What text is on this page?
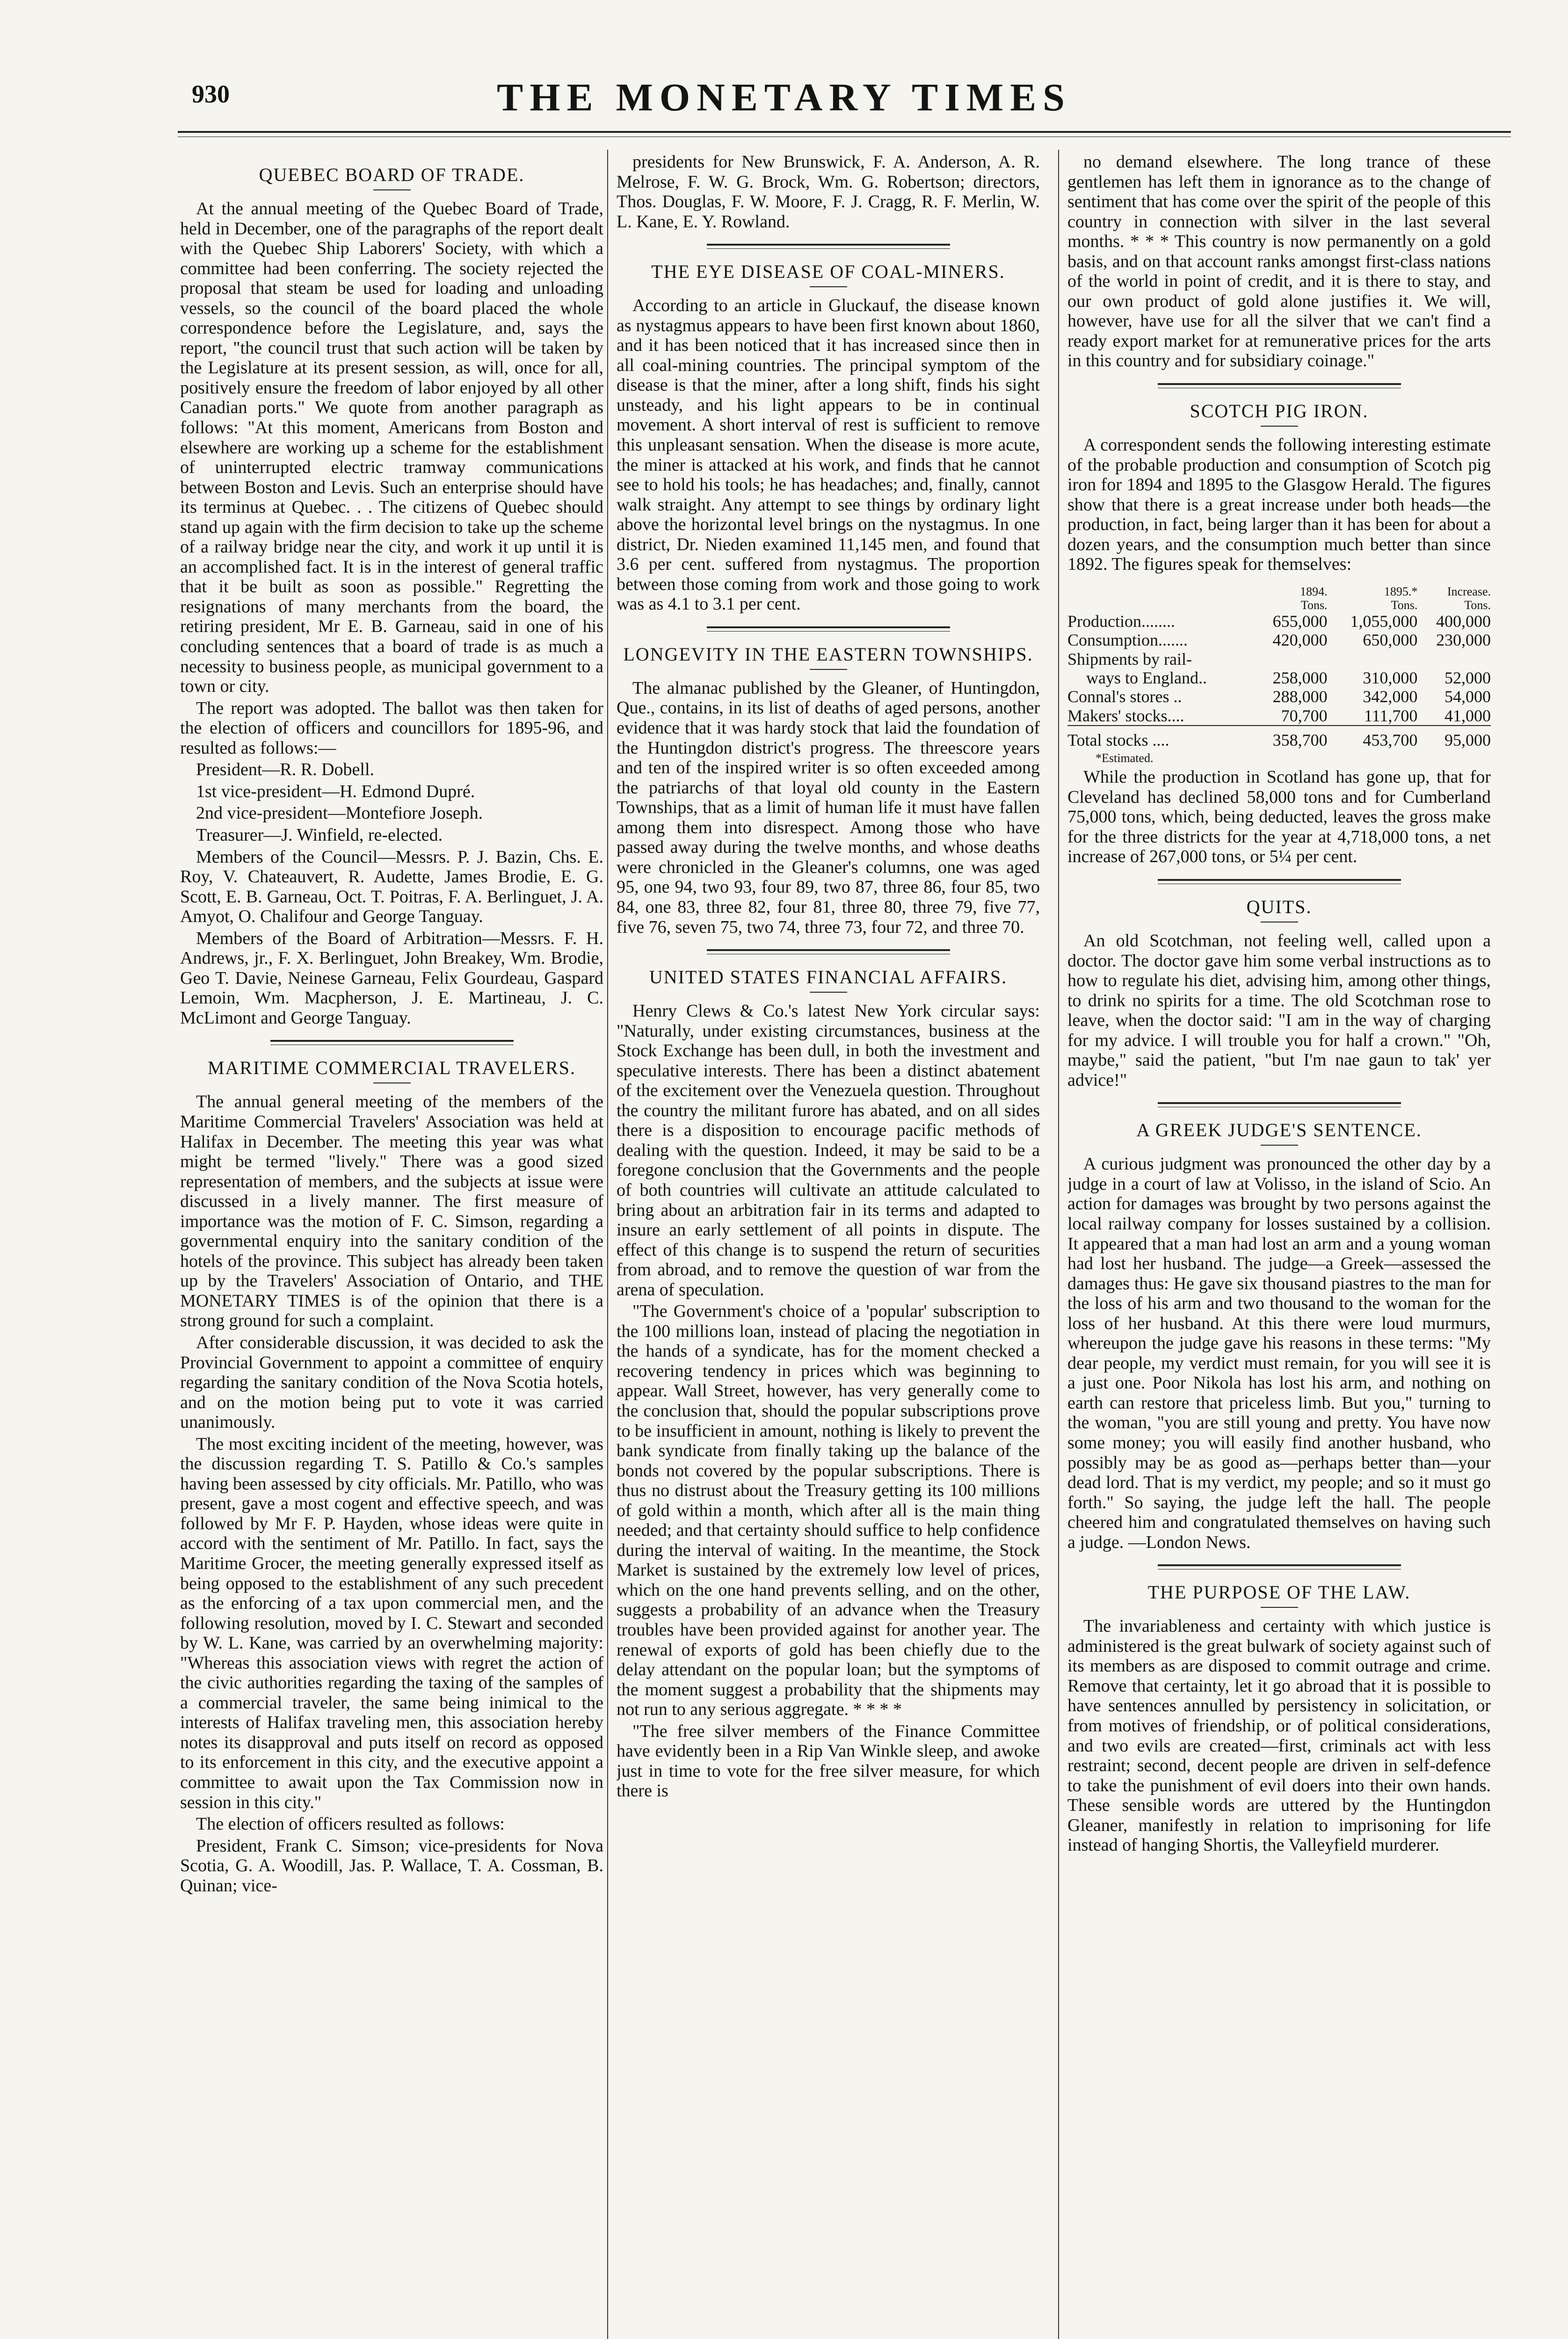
930	THE MONETARY TIMES
QUEBEC BOARD OF TRADE.

At the annual meeting of the Quebec Board of Trade, held in December, one of the paragraphs of the report dealt with the Quebec Ship Laborers' Society, with which a committee had been conferring. The society rejected the proposal that steam be used for loading and unloading vessels, so the council of the board placed the whole correspondence before the Legislature, and, says the report, "the council trust that such action will be taken by the Legislature at its present session, as will, once for all, positively ensure the freedom of labor enjoyed by all other Canadian ports." We quote from another paragraph as follows: "At this moment, Americans from Boston and elsewhere are working up a scheme for the establishment of uninterrupted electric tramway communications between Boston and Levis. Such an enterprise should have its terminus at Quebec. . . The citizens of Quebec should stand up again with the firm decision to take up the scheme of a railway bridge near the city, and work it up until it is an accomplished fact. It is in the interest of general traffic that it be built as soon as possible." Regretting the resignations of many merchants from the board, the retiring president, Mr E. B. Garneau, said in one of his concluding sentences that a board of trade is as much a necessity to business people, as municipal government to a town or city.

The report was adopted. The ballot was then taken for the election of officers and councillors for 1895-96, and resulted as follows:—

President—R. R. Dobell.

1st vice-president—H. Edmond Dupré.

2nd vice-president—Montefiore Joseph.

Treasurer—J. Winfield, re-elected.

Members of the Council—Messrs. P. J. Bazin, Chs. E. Roy, V. Chateauvert, R. Audette, James Brodie, E. G. Scott, E. B. Garneau, Oct. T. Poitras, F. A. Berlinguet, J. A. Amyot, O. Chalifour and George Tanguay.

Members of the Board of Arbitration—Messrs. F. H. Andrews, jr., F. X. Berlinguet, John Breakey, Wm. Brodie, Geo T. Davie, Neinese Garneau, Felix Gourdeau, Gaspard Lemoin, Wm. Macpherson, J. E. Martineau, J. C. McLimont and George Tanguay.

MARITIME COMMERCIAL TRAVELERS.

The annual general meeting of the members of the Maritime Commercial Travelers' Association was held at Halifax in December. The meeting this year was what might be termed "lively." There was a good sized representation of members, and the subjects at issue were discussed in a lively manner. The first measure of importance was the motion of F. C. Simson, regarding a governmental enquiry into the sanitary condition of the hotels of the province. This subject has already been taken up by the Travelers' Association of Ontario, and THE MONETARY TIMES is of the opinion that there is a strong ground for such a complaint.

After considerable discussion, it was decided to ask the Provincial Government to appoint a committee of enquiry regarding the sanitary condition of the Nova Scotia hotels, and on the motion being put to vote it was carried unanimously.

The most exciting incident of the meeting, however, was the discussion regarding T. S. Patillo & Co.'s samples having been assessed by city officials. Mr. Patillo, who was present, gave a most cogent and effective speech, and was followed by Mr F. P. Hayden, whose ideas were quite in accord with the sentiment of Mr. Patillo. In fact, says the Maritime Grocer, the meeting generally expressed itself as being opposed to the establishment of any such precedent as the enforcing of a tax upon commercial men, and the following resolution, moved by I. C. Stewart and seconded by W. L. Kane, was carried by an overwhelming majority: "Whereas this association views with regret the action of the civic authorities regarding the taxing of the samples of a commercial traveler, the same being inimical to the interests of Halifax traveling men, this association hereby notes its disapproval and puts itself on record as opposed to its enforcement in this city, and the executive appoint a committee to await upon the Tax Commission now in session in this city."

The election of officers resulted as follows:

President, Frank C. Simson; vice-presidents for Nova Scotia, G. A. Woodill, Jas. P. Wallace, T. A. Cossman, B. Quinan; vice-

presidents for New Brunswick, F. A. Anderson, A. R. Melrose, F. W. G. Brock, Wm. G. Robertson; directors, Thos. Douglas, F. W. Moore, F. J. Cragg, R. F. Merlin, W. L. Kane, E. Y. Rowland.

THE EYE DISEASE OF COAL-MINERS.

According to an article in Gluckauf, the disease known as nystagmus appears to have been first known about 1860, and it has been noticed that it has increased since then in all coal-mining countries. The principal symptom of the disease is that the miner, after a long shift, finds his sight unsteady, and his light appears to be in continual movement. A short interval of rest is sufficient to remove this unpleasant sensation. When the disease is more acute, the miner is attacked at his work, and finds that he cannot see to hold his tools; he has headaches; and, finally, cannot walk straight. Any attempt to see things by ordinary light above the horizontal level brings on the nystagmus. In one district, Dr. Nieden examined 11,145 men, and found that 3.6 per cent. suffered from nystagmus. The proportion between those coming from work and those going to work was as 4.1 to 3.1 per cent.

LONGEVITY IN THE EASTERN TOWNSHIPS.

The almanac published by the Gleaner, of Huntingdon, Que., contains, in its list of deaths of aged persons, another evidence that it was hardy stock that laid the foundation of the Huntingdon district's progress. The threescore years and ten of the inspired writer is so often exceeded among the patriarchs of that loyal old county in the Eastern Townships, that as a limit of human life it must have fallen among them into disrespect. Among those who have passed away during the twelve months, and whose deaths were chronicled in the Gleaner's columns, one was aged 95, one 94, two 93, four 89, two 87, three 86, four 85, two 84, one 83, three 82, four 81, three 80, three 79, five 77, five 76, seven 75, two 74, three 73, four 72, and three 70.

UNITED STATES FINANCIAL AFFAIRS.

Henry Clews & Co.'s latest New York circular says: "Naturally, under existing circumstances, business at the Stock Exchange has been dull, in both the investment and speculative interests. There has been a distinct abatement of the excitement over the Venezuela question. Throughout the country the militant furore has abated, and on all sides there is a disposition to encourage pacific methods of dealing with the question. Indeed, it may be said to be a foregone conclusion that the Governments and the people of both countries will cultivate an attitude calculated to bring about an arbitration fair in its terms and adapted to insure an early settlement of all points in dispute. The effect of this change is to suspend the return of securities from abroad, and to remove the question of war from the arena of speculation.

"The Government's choice of a 'popular' subscription to the 100 millions loan, instead of placing the negotiation in the hands of a syndicate, has for the moment checked a recovering tendency in prices which was beginning to appear. Wall Street, however, has very generally come to the conclusion that, should the popular subscriptions prove to be insufficient in amount, nothing is likely to prevent the bank syndicate from finally taking up the balance of the bonds not covered by the popular subscriptions. There is thus no distrust about the Treasury getting its 100 millions of gold within a month, which after all is the main thing needed; and that certainty should suffice to help confidence during the interval of waiting. In the meantime, the Stock Market is sustained by the extremely low level of prices, which on the one hand prevents selling, and on the other, suggests a probability of an advance when the Treasury troubles have been provided against for another year. The renewal of exports of gold has been chiefly due to the delay attendant on the popular loan; but the symptoms of the moment suggest a probability that the shipments may not run to any serious aggregate. * * * *

"The free silver members of the Finance Committee have evidently been in a Rip Van Winkle sleep, and awoke just in time to vote for the free silver measure, for which there is

no demand elsewhere. The long trance of these gentlemen has left them in ignorance as to the change of sentiment that has come over the spirit of the people of this country in connection with silver in the last several months. * * * This country is now permanently on a gold basis, and on that account ranks amongst first-class nations of the world in point of credit, and it is there to stay, and our own product of gold alone justifies it. We will, however, have use for all the silver that we can't find a ready export market for at remunerative prices for the arts in this country and for subsidiary coinage."

SCOTCH PIG IRON.

A correspondent sends the following interesting estimate of the probable production and consumption of Scotch pig iron for 1894 and 1895 to the Glasgow Herald. The figures show that there is a great increase under both heads—the production, in fact, being larger than it has been for about a dozen years, and the consumption much better than since 1892. The figures speak for themselves:

	1894.	1895.*	Increase.
	Tons.	Tons.	Tons.
Production........	655,000	1,055,000	400,000
Consumption.......	420,000	650,000	230,000
Shipments by rail-			
ways to England..	258,000	310,000	52,000
Connal's stores ..	288,000	342,000	54,000
Makers' stocks....	70,700	111,700	41,000
Total stocks ....	358,700	453,700	95,000
*Estimated.

While the production in Scotland has gone up, that for Cleveland has declined 58,000 tons and for Cumberland 75,000 tons, which, being deducted, leaves the gross make for the three districts for the year at 4,718,000 tons, a net increase of 267,000 tons, or 5¼ per cent.

QUITS.

An old Scotchman, not feeling well, called upon a doctor. The doctor gave him some verbal instructions as to how to regulate his diet, advising him, among other things, to drink no spirits for a time. The old Scotchman rose to leave, when the doctor said: "I am in the way of charging for my advice. I will trouble you for half a crown." "Oh, maybe," said the patient, "but I'm nae gaun to tak' yer advice!"

A GREEK JUDGE'S SENTENCE.

A curious judgment was pronounced the other day by a judge in a court of law at Volisso, in the island of Scio. An action for damages was brought by two persons against the local railway company for losses sustained by a collision. It appeared that a man had lost an arm and a young woman had lost her husband. The judge—a Greek—assessed the damages thus: He gave six thousand piastres to the man for the loss of his arm and two thousand to the woman for the loss of her husband. At this there were loud murmurs, whereupon the judge gave his reasons in these terms: "My dear people, my verdict must remain, for you will see it is a just one. Poor Nikola has lost his arm, and nothing on earth can restore that priceless limb. But you," turning to the woman, "you are still young and pretty. You have now some money; you will easily find another husband, who possibly may be as good as—perhaps better than—your dead lord. That is my verdict, my people; and so it must go forth." So saying, the judge left the hall. The people cheered him and congratulated themselves on having such a judge. —London News.

THE PURPOSE OF THE LAW.

The invariableness and certainty with which justice is administered is the great bulwark of society against such of its members as are disposed to commit outrage and crime. Remove that certainty, let it go abroad that it is possible to have sentences annulled by persistency in solicitation, or from motives of friendship, or of political considerations, and two evils are created—first, criminals act with less restraint; second, decent people are driven in self-defence to take the punishment of evil doers into their own hands. These sensible words are uttered by the Huntingdon Gleaner, manifestly in relation to imprisoning for life instead of hanging Shortis, the Valleyfield murderer.
